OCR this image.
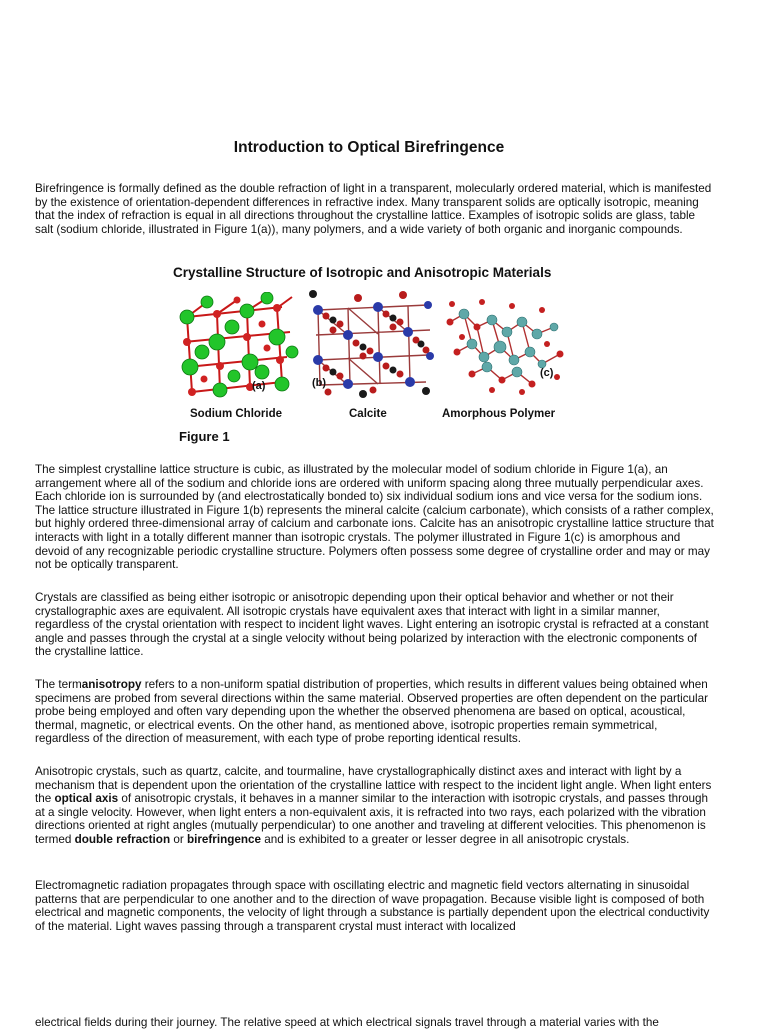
Introduction to Optical Birefringence

Birefringence is formally defined as the double refraction of light in a transparent, molecularly ordered material, which is manifested by the existence of orientation-dependent differences in refractive index. Many transparent solids are optically isotropic, meaning that the index of refraction is equal in all directions throughout the crystalline lattice. Examples of isotropic solids are glass, table salt (sodium chloride, illustrated in Figure 1(a)), many polymers, and a wide variety of both organic and inorganic compounds.

Crystalline Structure of Isotropic and Anisotropic Materials
(a)	(b)
(c)
Sodium Chloride	Calcite	Amorphous Polymer
Figure 1

The simplest crystalline lattice structure is cubic, as illustrated by the molecular model of sodium chloride in Figure 1(a), an arrangement where all of the sodium and chloride ions are ordered with uniform spacing along three mutually perpendicular axes. Each chloride ion is surrounded by (and electrostatically bonded to) six individual sodium ions and vice versa for the sodium ions. The lattice structure illustrated in Figure 1(b) represents the mineral calcite (calcium carbonate), which consists of a rather complex, but highly ordered three-dimensional array of calcium and carbonate ions. Calcite has an anisotropic crystalline lattice structure that interacts with light in a totally different manner than isotropic crystals. The polymer illustrated in Figure 1(c) is amorphous and devoid of any recognizable periodic crystalline structure. Polymers often possess some degree of crystalline order and may or may not be optically transparent.

Crystals are classified as being either isotropic or anisotropic depending upon their optical behavior and whether or not their crystallographic axes are equivalent. All isotropic crystals have equivalent axes that interact with light in a similar manner, regardless of the crystal orientation with respect to incident light waves. Light entering an isotropic crystal is refracted at a constant angle and passes through the crystal at a single velocity without being polarized by interaction with the electronic components of the crystalline lattice.

The termanisotropy refers to a non-uniform spatial distribution of properties, which results in different values being obtained when specimens are probed from several directions within the same material. Observed properties are often dependent on the particular probe being employed and often vary depending upon the whether the observed phenomena are based on optical, acoustical, thermal, magnetic, or electrical events. On the other hand, as mentioned above, isotropic properties remain symmetrical, regardless of the direction of measurement, with each type of probe reporting identical results.

Anisotropic crystals, such as quartz, calcite, and tourmaline, have crystallographically distinct axes and interact with light by a mechanism that is dependent upon the orientation of the crystalline lattice with respect to the incident light angle. When light enters the optical axis of anisotropic crystals, it behaves in a manner similar to the interaction with isotropic crystals, and passes through at a single velocity. However, when light enters a non-equivalent axis, it is refracted into two rays, each polarized with the vibration directions oriented at right angles (mutually perpendicular) to one another and traveling at different velocities. This phenomenon is termed double refraction or birefringence and is exhibited to a greater or lesser degree in all anisotropic crystals.

Electromagnetic radiation propagates through space with oscillating electric and magnetic field vectors alternating in sinusoidal patterns that are perpendicular to one another and to the direction of wave propagation. Because visible light is composed of both electrical and magnetic components, the velocity of light through a substance is partially dependent upon the electrical conductivity of the material. Light waves passing through a transparent crystal must interact with localized

electrical fields during their journey. The relative speed at which electrical signals travel through a material varies with the
